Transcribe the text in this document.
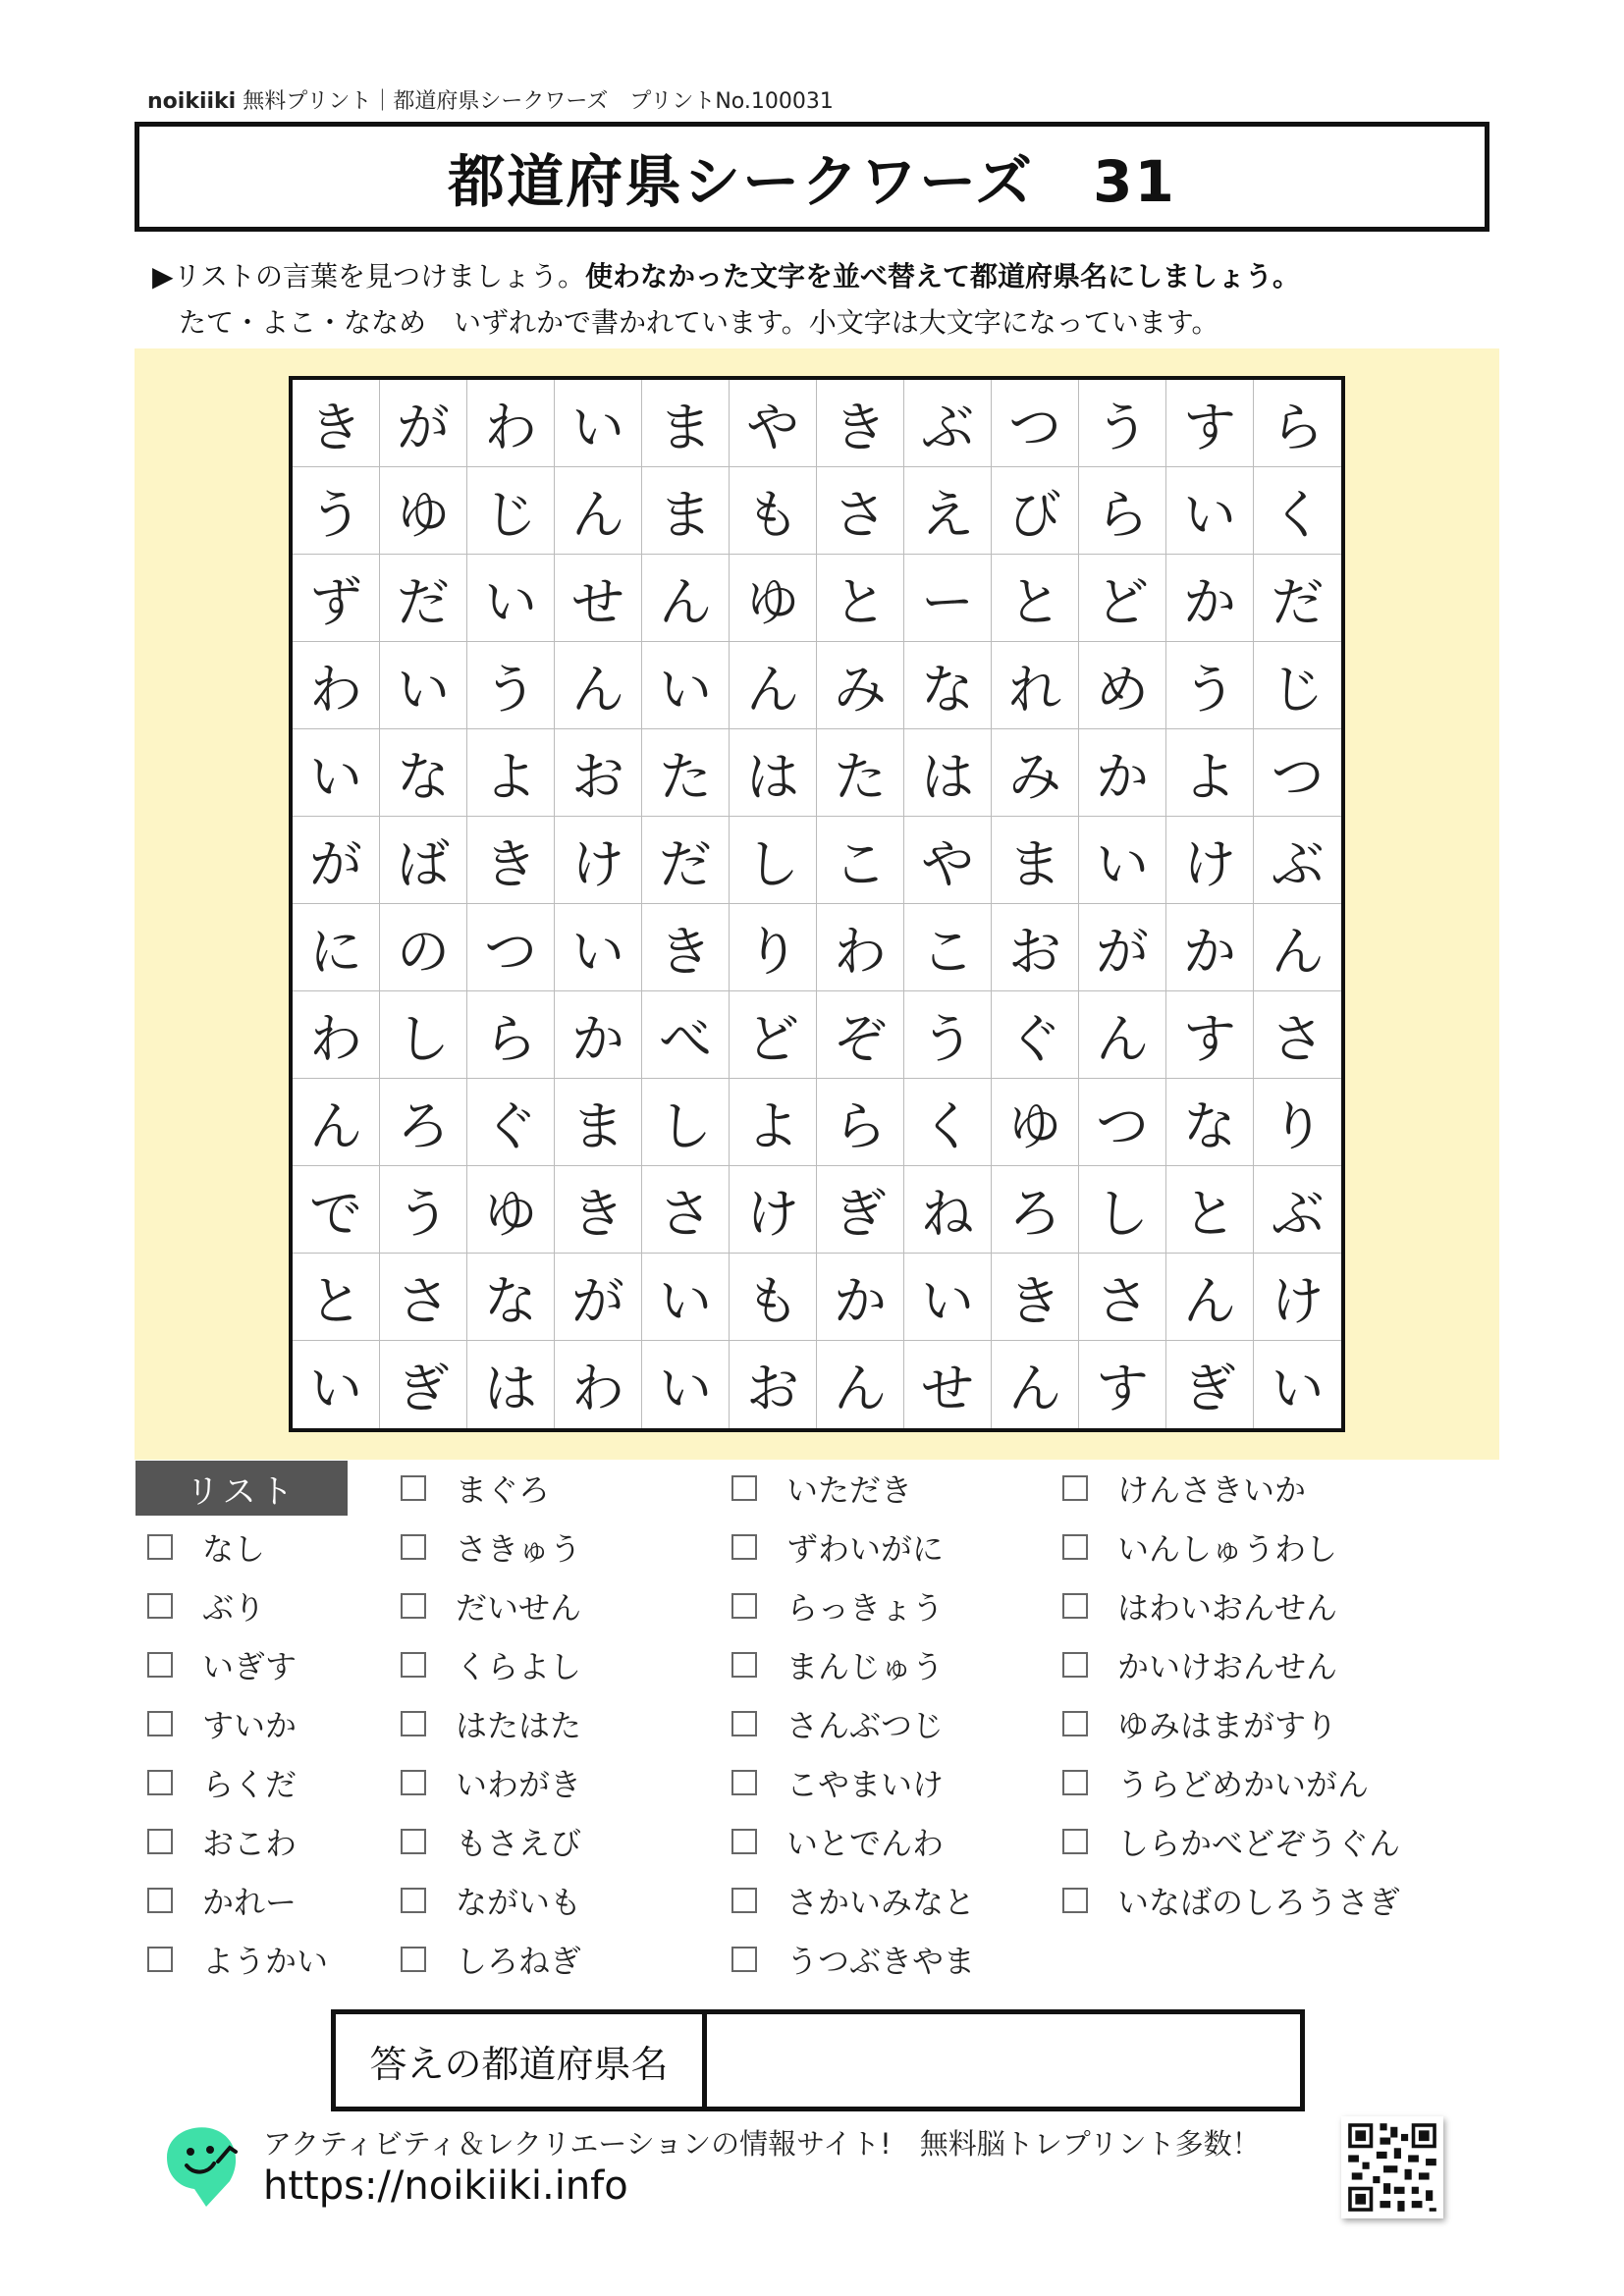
noikiiki 無料プリント｜都道府県シークワーズ　プリントNo.100031
都道府県シークワーズ　31
▶リストの言葉を見つけましょう。使わなかった文字を並べ替えて都道府県名にしましょう。
たて・よこ・ななめ　いずれかで書かれています。小文字は大文字になっています。
き が わ い ま や き ぶ つ う す ら
う ゆ じ ん ま も さ え び ら い く
ず だ い せ ん ゆ と ー と ど か だ
わ い う ん い ん み な れ め う じ
い な よ お た は た は み か よ つ
が ば き け だ し こ や ま い け ぶ
に の つ い き り わ こ お が か ん
わ し ら か べ ど ぞ う ぐ ん す さ
ん ろ ぐ ま し よ ら く ゆ つ な り
で う ゆ き さ け ぎ ね ろ し と ぶ
と さ な が い も か い き さ ん け
い ぎ は わ い お ん せ ん す ぎ い
リスト
なし
ぶり
いぎす
すいか
らくだ
おこわ
かれー
ようかい
まぐろ
さきゅう
だいせん
くらよし
はたはた
いわがき
もさえび
ながいも
しろねぎ
いただき
ずわいがに
らっきょう
まんじゅう
さんぶつじ
こやまいけ
いとでんわ
さかいみなと
うつぶきやま
けんさきいか
いんしゅうわし
はわいおんせん
かいけおんせん
ゆみはまがすり
うらどめかいがん
しらかべどぞうぐん
いなばのしろうさぎ
答えの都道府県名
アクティビティ＆レクリエーションの情報サイト!　無料脳トレプリント多数！
https://noikiiki.info
